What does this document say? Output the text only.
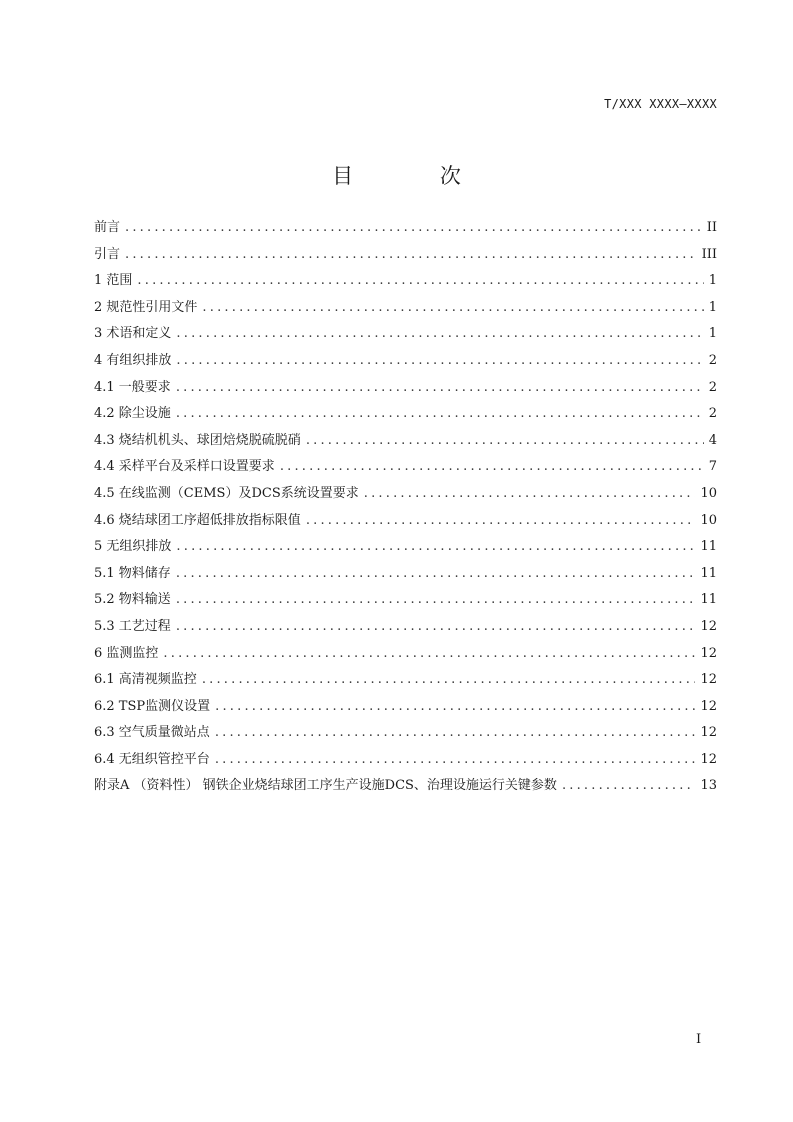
T/XXX XXXX—XXXX
目 次
前言 .....	II
引言 .....	III
1 范围 .....	1
2 规范性引用文件 .....	1
3 术语和定义 .....	1
4 有组织排放 .....	2
4.1 一般要求 .....	2
4.2 除尘设施 .....	2
4.3 烧结机机头、球团焙烧脱硫脱硝 .....	4
4.4 采样平台及采样口设置要求 .....	7
4.5 在线监测（CEMS）及DCS系统设置要求 .....	10
4.6 烧结球团工序超低排放指标限值 .....	10
5 无组织排放 .....	11
5.1 物料储存 .....	11
5.2 物料输送 .....	11
5.3 工艺过程 .....	12
6 监测监控 .....	12
6.1 高清视频监控 .....	12
6.2 TSP监测仪设置 .....	12
6.3 空气质量微站点 .....	12
6.4 无组织管控平台 .....	12
附录A （资料性） 钢铁企业烧结球团工序生产设施DCS、治理设施运行关键参数 .....	13
I
